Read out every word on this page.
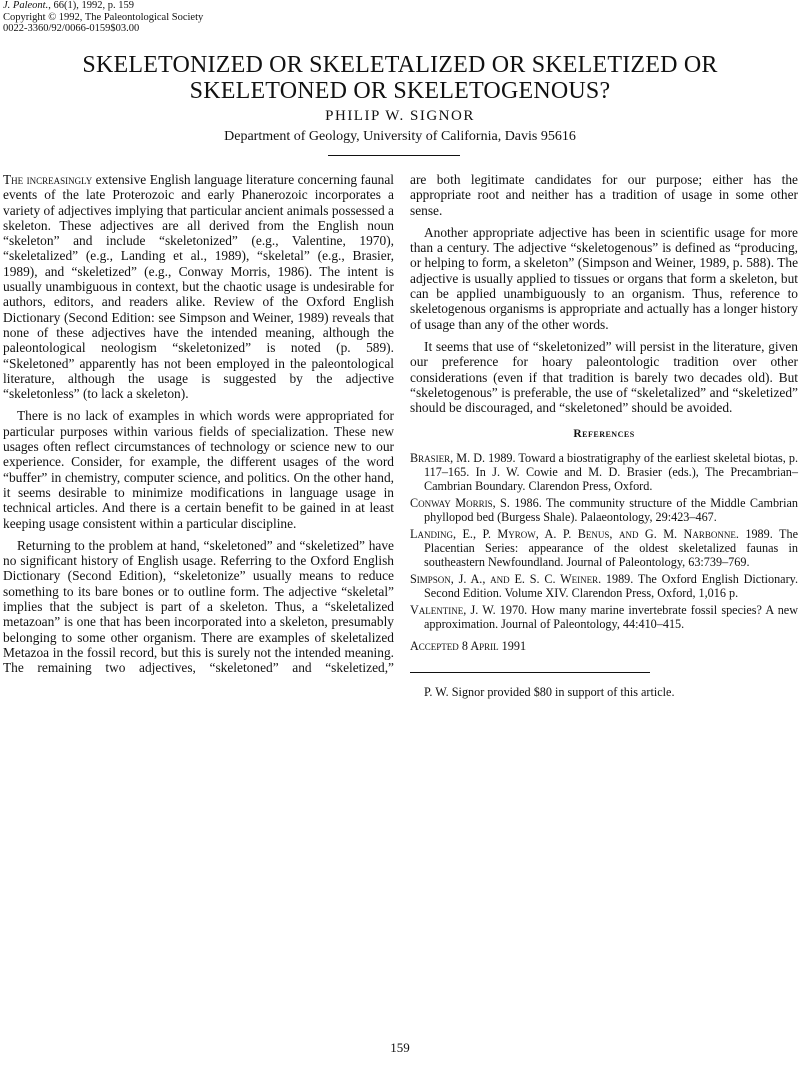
J. Paleont., 66(1), 1992, p. 159
Copyright © 1992, The Paleontological Society
0022-3360/92/0066-0159$03.00
SKELETONIZED OR SKELETALIZED OR SKELETIZED OR
SKELETONED OR SKELETOGENOUS?
PHILIP W. SIGNOR
Department of Geology, University of California, Davis 95616

The increasingly extensive English language literature concerning faunal events of the late Proterozoic and early Phanerozoic incorporates a variety of adjectives implying that particular ancient animals possessed a skeleton. These adjectives are all derived from the English noun “skeleton” and include “skeletonized” (e.g., Valentine, 1970), “skeletalized” (e.g., Landing et al., 1989), “skeletal” (e.g., Brasier, 1989), and “skeletized” (e.g., Conway Morris, 1986). The intent is usually unambiguous in context, but the chaotic usage is undesirable for authors, editors, and readers alike. Review of the Oxford English Dictionary (Second Edition: see Simpson and Weiner, 1989) reveals that none of these adjectives have the intended meaning, although the paleontological neologism “skeletonized” is noted (p. 589). “Skeletoned” apparently has not been employed in the paleontological literature, although the usage is suggested by the adjective “skeletonless” (to lack a skeleton).

There is no lack of examples in which words were appropriated for particular purposes within various fields of specialization. These new usages often reflect circumstances of technology or science new to our experience. Consider, for example, the different usages of the word “buffer” in chemistry, computer science, and politics. On the other hand, it seems desirable to minimize modifications in language usage in technical articles. And there is a certain benefit to be gained in at least keeping usage consistent within a particular discipline.

Returning to the problem at hand, “skeletoned” and “skeletized” have no significant history of English usage. Referring to the Oxford English Dictionary (Second Edition), “skeletonize” usually means to reduce something to its bare bones or to outline form. The adjective “skeletal” implies that the subject is part of a skeleton. Thus, a “skeletalized metazoan” is one that has been incorporated into a skeleton, presumably belonging to some other organism. There are examples of skeletalized Metazoa in the fossil record, but this is surely not the intended meaning. The remaining two adjectives, “skeletoned” and “skeletized,”

are both legitimate candidates for our purpose; either has the appropriate root and neither has a tradition of usage in some other sense.

Another appropriate adjective has been in scientific usage for more than a century. The adjective “skeletogenous” is defined as “producing, or helping to form, a skeleton” (Simpson and Weiner, 1989, p. 588). The adjective is usually applied to tissues or organs that form a skeleton, but can be applied unambiguously to an organism. Thus, reference to skeletogenous organisms is appropriate and actually has a longer history of usage than any of the other words.

It seems that use of “skeletonized” will persist in the literature, given our preference for hoary paleontologic tradition over other considerations (even if that tradition is barely two decades old). But “skeletogenous” is preferable, the use of “skeletalized” and “skeletized” should be discouraged, and “skeletoned” should be avoided.

References
Brasier, M. D. 1989. Toward a biostratigraphy of the earliest skeletal biotas, p. 117–165. In J. W. Cowie and M. D. Brasier (eds.), The Precambrian–Cambrian Boundary. Clarendon Press, Oxford.
Conway Morris, S. 1986. The community structure of the Middle Cambrian phyllopod bed (Burgess Shale). Palaeontology, 29:423–467.
Landing, E., P. Myrow, A. P. Benus, and G. M. Narbonne. 1989. The Placentian Series: appearance of the oldest skeletalized faunas in southeastern Newfoundland. Journal of Paleontology, 63:739–769.
Simpson, J. A., and E. S. C. Weiner. 1989. The Oxford English Dictionary. Second Edition. Volume XIV. Clarendon Press, Oxford, 1,016 p.
Valentine, J. W. 1970. How many marine invertebrate fossil species? A new approximation. Journal of Paleontology, 44:410–415.
Accepted 8 April 1991

P. W. Signor provided $80 in support of this article.

159
